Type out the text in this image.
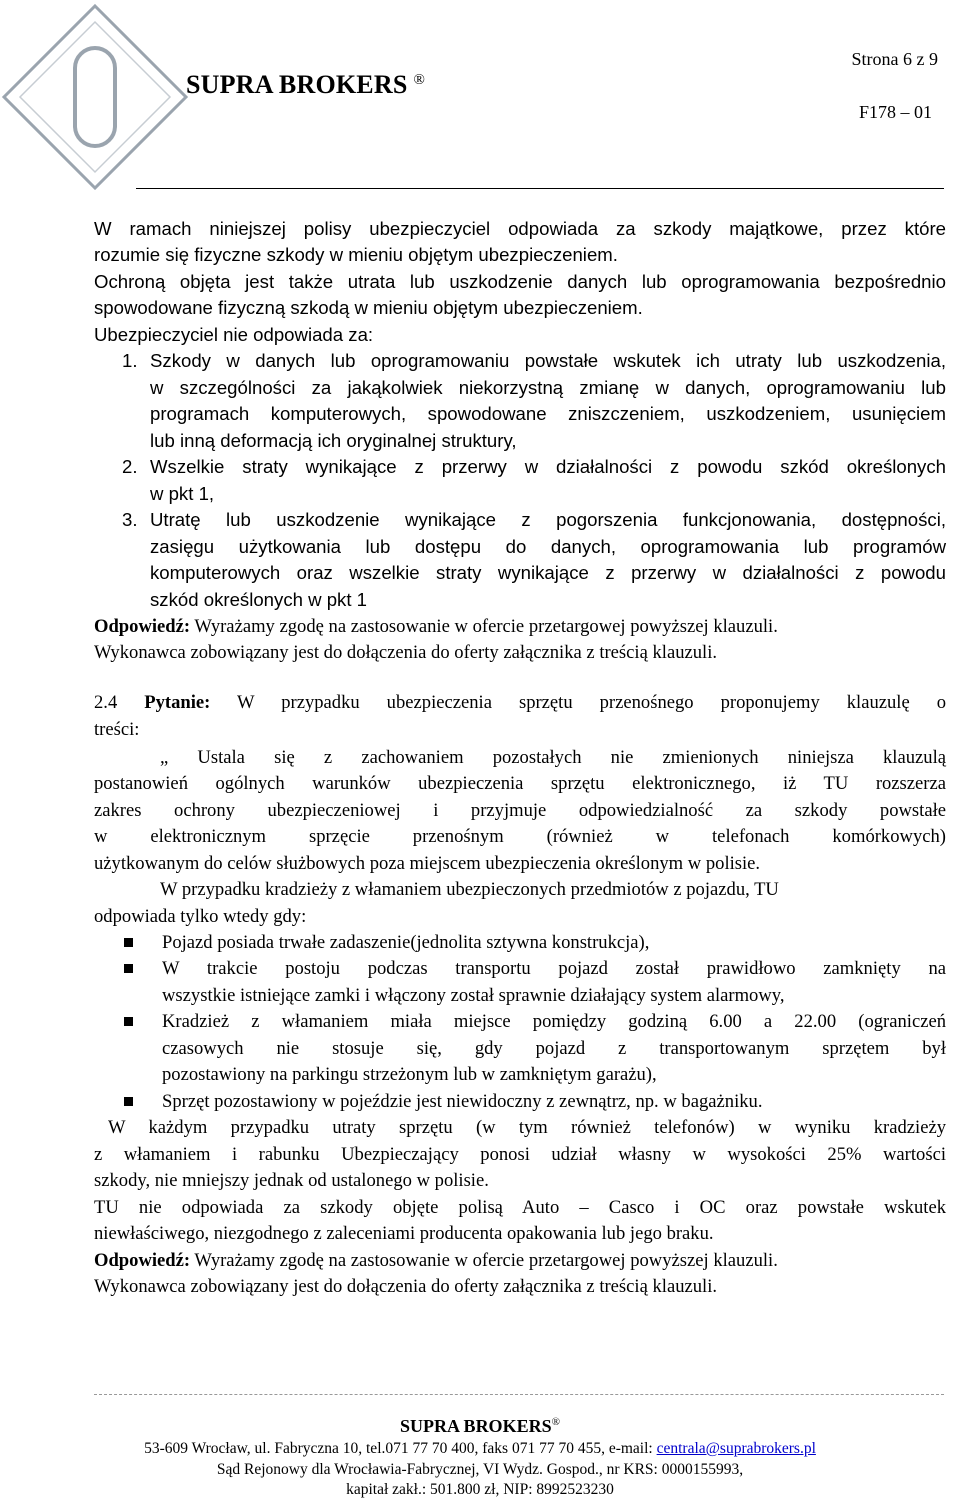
SUPRA BROKERS ®
Strona 6 z 9
F178 – 01
W ramach niniejszej polisy ubezpieczyciel odpowiada za szkody majątkowe, przez które
rozumie się fizyczne szkody w mieniu objętym ubezpieczeniem.
Ochroną objęta jest także utrata lub uszkodzenie danych lub oprogramowania bezpośrednio
spowodowane fizyczną szkodą w mieniu objętym ubezpieczeniem.
Ubezpieczyciel nie odpowiada za:
1. Szkody w danych lub oprogramowaniu powstałe wskutek ich utraty lub uszkodzenia,
w szczególności za jakąkolwiek niekorzystną zmianę w danych, oprogramowaniu lub
programach komputerowych, spowodowane zniszczeniem, uszkodzeniem, usunięciem
lub inną deformacją ich oryginalnej struktury,
2. Wszelkie straty wynikające z przerwy w działalności z powodu szkód określonych
w pkt 1,
3. Utratę lub uszkodzenie wynikające z pogorszenia funkcjonowania, dostępności,
zasięgu użytkowania lub dostępu do danych, oprogramowania lub programów
komputerowych oraz wszelkie straty wynikające z przerwy w działalności z powodu
szkód określonych w pkt 1
Odpowiedź: Wyrażamy zgodę na zastosowanie w ofercie przetargowej powyższej klauzuli.
Wykonawca zobowiązany jest do dołączenia do oferty załącznika z treścią klauzuli.
2.4 Pytanie: W przypadku ubezpieczenia sprzętu przenośnego proponujemy klauzulę o
treści:
„ Ustala się z zachowaniem pozostałych nie zmienionych niniejsza klauzulą
postanowień ogólnych warunków ubezpieczenia sprzętu elektronicznego, iż TU rozszerza
zakres ochrony ubezpieczeniowej i przyjmuje odpowiedzialność za szkody powstałe
w elektronicznym sprzęcie przenośnym (również w telefonach komórkowych)
użytkowanym do celów służbowych poza miejscem ubezpieczenia określonym w polisie.
W przypadku kradzieży z włamaniem ubezpieczonych przedmiotów z pojazdu, TU
odpowiada tylko wtedy gdy:
Pojazd posiada trwałe zadaszenie(jednolita sztywna konstrukcja),
W trakcie postoju podczas transportu pojazd został prawidłowo zamknięty na
wszystkie istniejące zamki i włączony został sprawnie działający system alarmowy,
Kradzież z włamaniem miała miejsce pomiędzy godziną 6.00 a 22.00 (ograniczeń
czasowych nie stosuje się, gdy pojazd z transportowanym sprzętem był
pozostawiony na parkingu strzeżonym lub w zamkniętym garażu),
Sprzęt pozostawiony w pojeździe jest niewidoczny z zewnątrz, np. w bagażniku.
W każdym przypadku utraty sprzętu (w tym również telefonów) w wyniku kradzieży
z włamaniem i rabunku Ubezpieczający ponosi udział własny w wysokości 25% wartości
szkody, nie mniejszy jednak od ustalonego w polisie.
TU nie odpowiada za szkody objęte polisą Auto – Casco i OC oraz powstałe wskutek
niewłaściwego, niezgodnego z zaleceniami producenta opakowania lub jego braku.
Odpowiedź: Wyrażamy zgodę na zastosowanie w ofercie przetargowej powyższej klauzuli.
Wykonawca zobowiązany jest do dołączenia do oferty załącznika z treścią klauzuli.
SUPRA BROKERS®
53-609 Wrocław, ul. Fabryczna 10, tel.071 77 70 400, faks 071 77 70 455, e-mail: centrala@suprabrokers.pl
Sąd Rejonowy dla Wrocławia-Fabrycznej, VI Wydz. Gospod., nr KRS: 0000155993,
kapitał zakł.: 501.800 zł, NIP: 8992523230
